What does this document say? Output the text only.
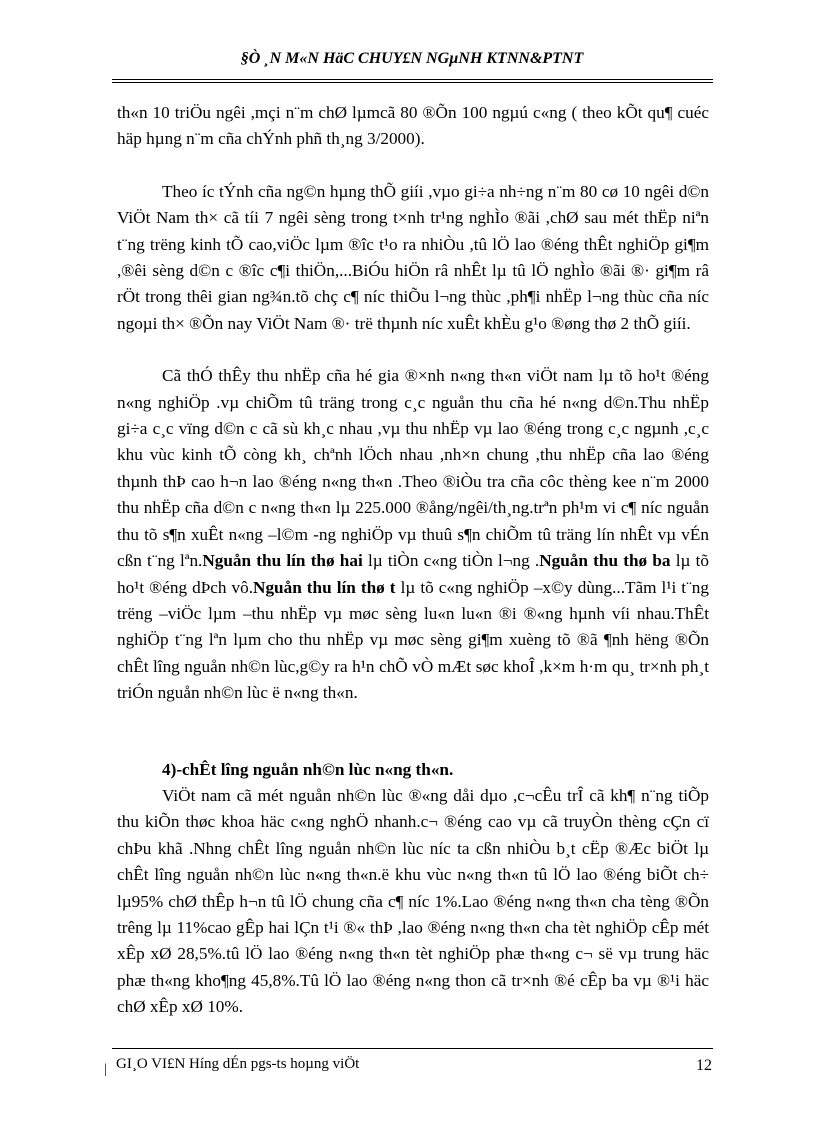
§Ò ¸N M«N HäC CHUY£N NGµNH KTNN&PTNT

th«n 10 triÖu ngêi ,mçi n¨m chØ lµmcã 80 ®Õn 100 ngµú c«ng ( theo kÕt qu¶ cuéc häp hµng n¨m cña chÝnh phñ th¸ng 3/2000).

Theo íc tÝnh cña ng©n hµng thÕ giíi ,vµo gi÷a nh÷ng n¨m 80 cø 10 ngêi d©n ViÖt Nam th× cã tíi 7 ngêi sèng trong t×nh tr¹ng nghÌo ®ãi ,chØ sau mét thËp niªn t¨ng trëng kinh tÕ cao,viÖc lµm ®îc t¹o ra nhiÒu ,tû lÖ lao ®éng thÊt nghiÖp gi¶m ,®êi sèng d©n c ®îc c¶i thiÖn,...BiÓu hiÖn râ nhÊt lµ tû lÖ nghÌo ®ãi ®· gi¶m râ rÖt trong thêi gian ng¾n.tõ chç c¶ níc thiÕu l¬ng thùc ,ph¶i nhËp l¬ng thùc cña níc ngoµi th× ®Õn nay ViÖt Nam ®· trë thµnh níc xuÊt khÈu g¹o ®øng thø 2 thÕ giíi.

Cã thÓ thÊy thu nhËp cña hé gia ®×nh n«ng th«n viÖt nam lµ tõ ho¹t ®éng n«ng nghiÖp .vµ chiÕm tû träng trong c¸c nguån thu cña hé n«ng d©n.Thu nhËp gi÷a c¸c vïng d©n c cã sù kh¸c nhau ,vµ thu nhËp vµ lao ®éng trong c¸c ngµnh ,c¸c khu vùc kinh tÕ còng kh¸ chªnh lÖch nhau ,nh×n chung ,thu nhËp cña lao ®éng thµnh thÞ cao h¬n lao ®éng n«ng th«n .Theo ®iÒu tra cña côc thèng kee n¨m 2000 thu nhËp cña d©n c n«ng th«n lµ 225.000 ®ång/ngêi/th¸ng.trªn ph¹m vi c¶ níc nguån thu tõ s¶n xuÊt n«ng –l©m -ng nghiÖp vµ thuû s¶n chiÕm tû träng lín nhÊt vµ vÉn cßn t¨ng lªn.Nguån thu lín thø hai lµ tiÒn c«ng tiÒn l¬ng .Nguån thu thø ba lµ tõ ho¹t ®éng dÞch vô.Nguån thu lín thø t lµ tõ c«ng nghiÖp –x©y dùng...Tãm l¹i t¨ng trëng –viÖc lµm –thu nhËp vµ møc sèng lu«n lu«n ®i ®«ng hµnh víi nhau.ThÊt nghiÖp t¨ng lªn lµm cho thu nhËp vµ møc sèng gi¶m xuèng tõ ®ã ¶nh hëng ®Õn chÊt lîng nguån nh©n lùc,g©y ra h¹n chÕ vÒ mÆt søc khoÎ ,k×m h·m qu¸ tr×nh ph¸t triÓn nguån nh©n lùc ë n«ng th«n.

4)-chÊt lîng nguån nh©n lùc n«ng th«n.

ViÖt nam cã mét nguån nh©n lùc ®«ng dåi dµo ,c¬cÊu trÎ cã kh¶ n¨ng tiÕp thu kiÕn thøc khoa häc c«ng nghÖ nhanh.c¬ ®éng cao vµ cã truyÒn thèng cÇn cï chÞu khã .Nhng chÊt lîng nguån nh©n lùc níc ta cßn nhiÒu b¸t cËp ®Æc biÖt lµ chÊt lîng nguån nh©n lùc n«ng th«n.ë khu vùc n«ng th«n tû lÖ lao ®éng biÕt ch÷ lµ95% chØ thÊp h¬n tû lÖ chung cña c¶ níc 1%.Lao ®éng n«ng th«n cha tèng ®Õn trêng lµ 11%cao gÊp hai lÇn t¹i ®« thÞ ,lao ®éng n«ng th«n cha tèt nghiÖp cÊp mét xÊp xØ 28,5%.tû lÖ lao ®éng n«ng th«n tèt nghiÖp phæ th«ng c¬ së vµ trung häc phæ th«ng kho¶ng 45,8%.Tû lÖ lao ®éng n«ng thon cã tr×nh ®é cÊp ba vµ ®¹i häc chØ xÊp xØ 10%.

| GI¸O VI£N Híng dÉn pgs-ts hoµng viÖt	12
